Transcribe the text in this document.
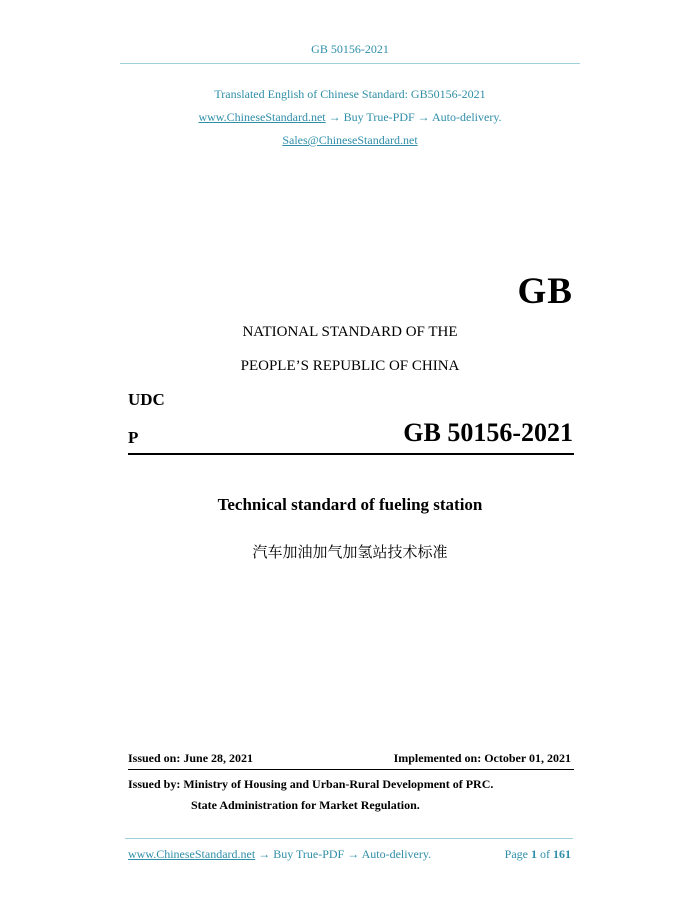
GB 50156-2021
Translated English of Chinese Standard: GB50156-2021
www.ChineseStandard.net → Buy True-PDF → Auto-delivery.
Sales@ChineseStandard.net
GB
NATIONAL STANDARD OF THE
PEOPLE’S REPUBLIC OF CHINA
UDC
P	GB 50156-2021
Technical standard of fueling station
汽车加油加气加氢站技术标准
Issued on: June 28, 2021	Implemented on: October 01, 2021
Issued by: Ministry of Housing and Urban-Rural Development of PRC.
State Administration for Market Regulation.
www.ChineseStandard.net → Buy True-PDF → Auto-delivery.	Page 1 of 161
